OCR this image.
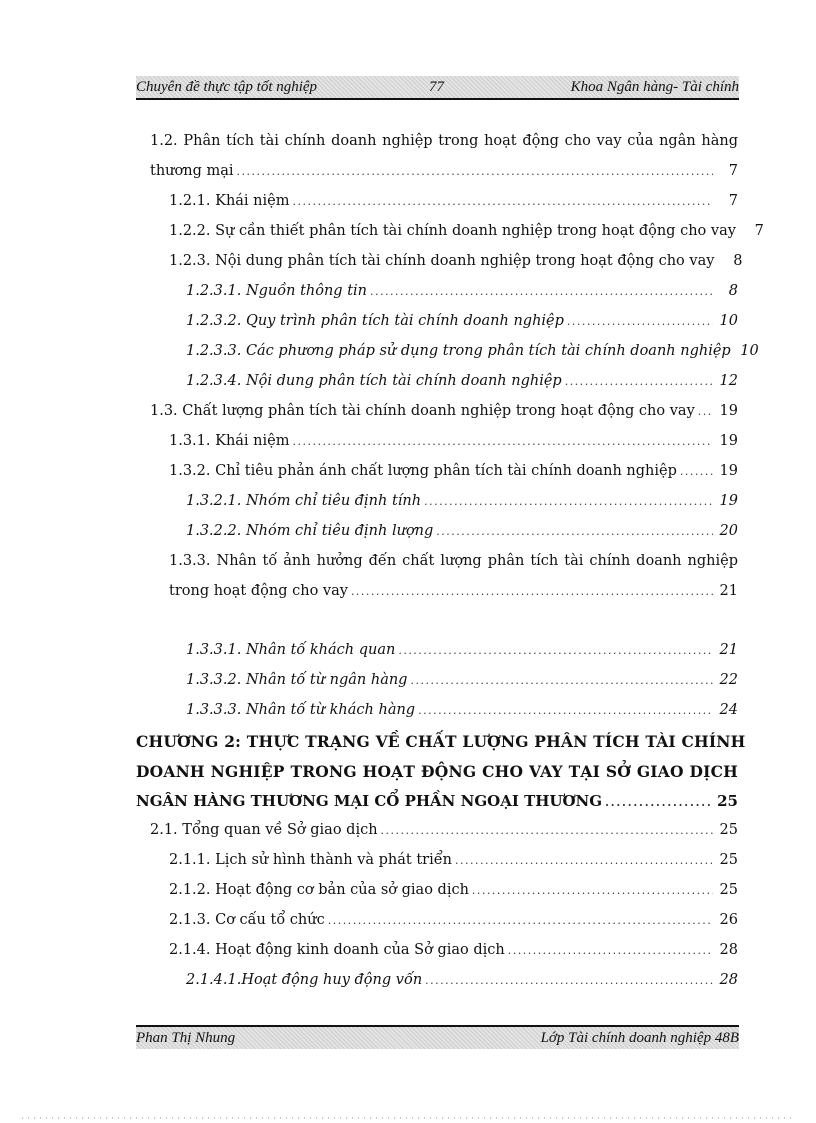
Chuyên đề thực tập tốt nghiệp	77	Khoa Ngân hàng- Tài chính
1.2. Phân tích tài chính doanh nghiệp trong hoạt động cho vay của ngân hàng
thương mại . . .	7
1.2.1. Khái niệm . . .	7
1.2.2. Sự cần thiết phân tích tài chính doanh nghiệp trong hoạt động cho vay	7
1.2.3. Nội dung phân tích tài chính doanh nghiệp trong hoạt động cho vay	8
1.2.3.1. Nguồn thông tin . . .	8
1.2.3.2. Quy trình phân tích tài chính doanh nghiệp . . .	10
1.2.3.3. Các phương pháp sử dụng trong phân tích tài chính doanh nghiệp 10
1.2.3.4. Nội dung phân tích tài chính doanh nghiệp . . .	12
1.3. Chất lượng phân tích tài chính doanh nghiệp trong hoạt động cho vay . . . 19
1.3.1. Khái niệm . . .	19
1.3.2. Chỉ tiêu phản ánh chất lượng phân tích tài chính doanh nghiệp . . .	19
1.3.2.1. Nhóm chỉ tiêu định tính . . .	19
1.3.2.2. Nhóm chỉ tiêu định lượng . . .	20
1.3.3. Nhân tố ảnh hưởng đến chất lượng phân tích tài chính doanh nghiệp
trong hoạt động cho vay . . .	21
1.3.3.1. Nhân tố khách quan . . .	21
1.3.3.2. Nhân tố từ ngân hàng . . .	22
1.3.3.3. Nhân tố từ khách hàng . . .	24
CHƯƠNG 2: THỰC TRẠNG VỀ CHẤT LƯỢNG PHÂN TÍCH TÀI CHÍNH
DOANH NGHIỆP TRONG HOẠT ĐỘNG CHO VAY TẠI SỞ GIAO DỊCH
NGÂN HÀNG THƯƠNG MẠI CỔ PHẦN NGOẠI THƯƠNG . . .	25
2.1. Tổng quan về Sở giao dịch . . .	25
2.1.1. Lịch sử hình thành và phát triển . . .	25
2.1.2. Hoạt động cơ bản của sở giao dịch . . .	25
2.1.3. Cơ cấu tổ chức . . .	26
2.1.4. Hoạt động kinh doanh của Sở giao dịch . . .	28
2.1.4.1.Hoạt động huy động vốn . . .	28
Phan Thị Nhung	Lớp Tài chính doanh nghiệp 48B
